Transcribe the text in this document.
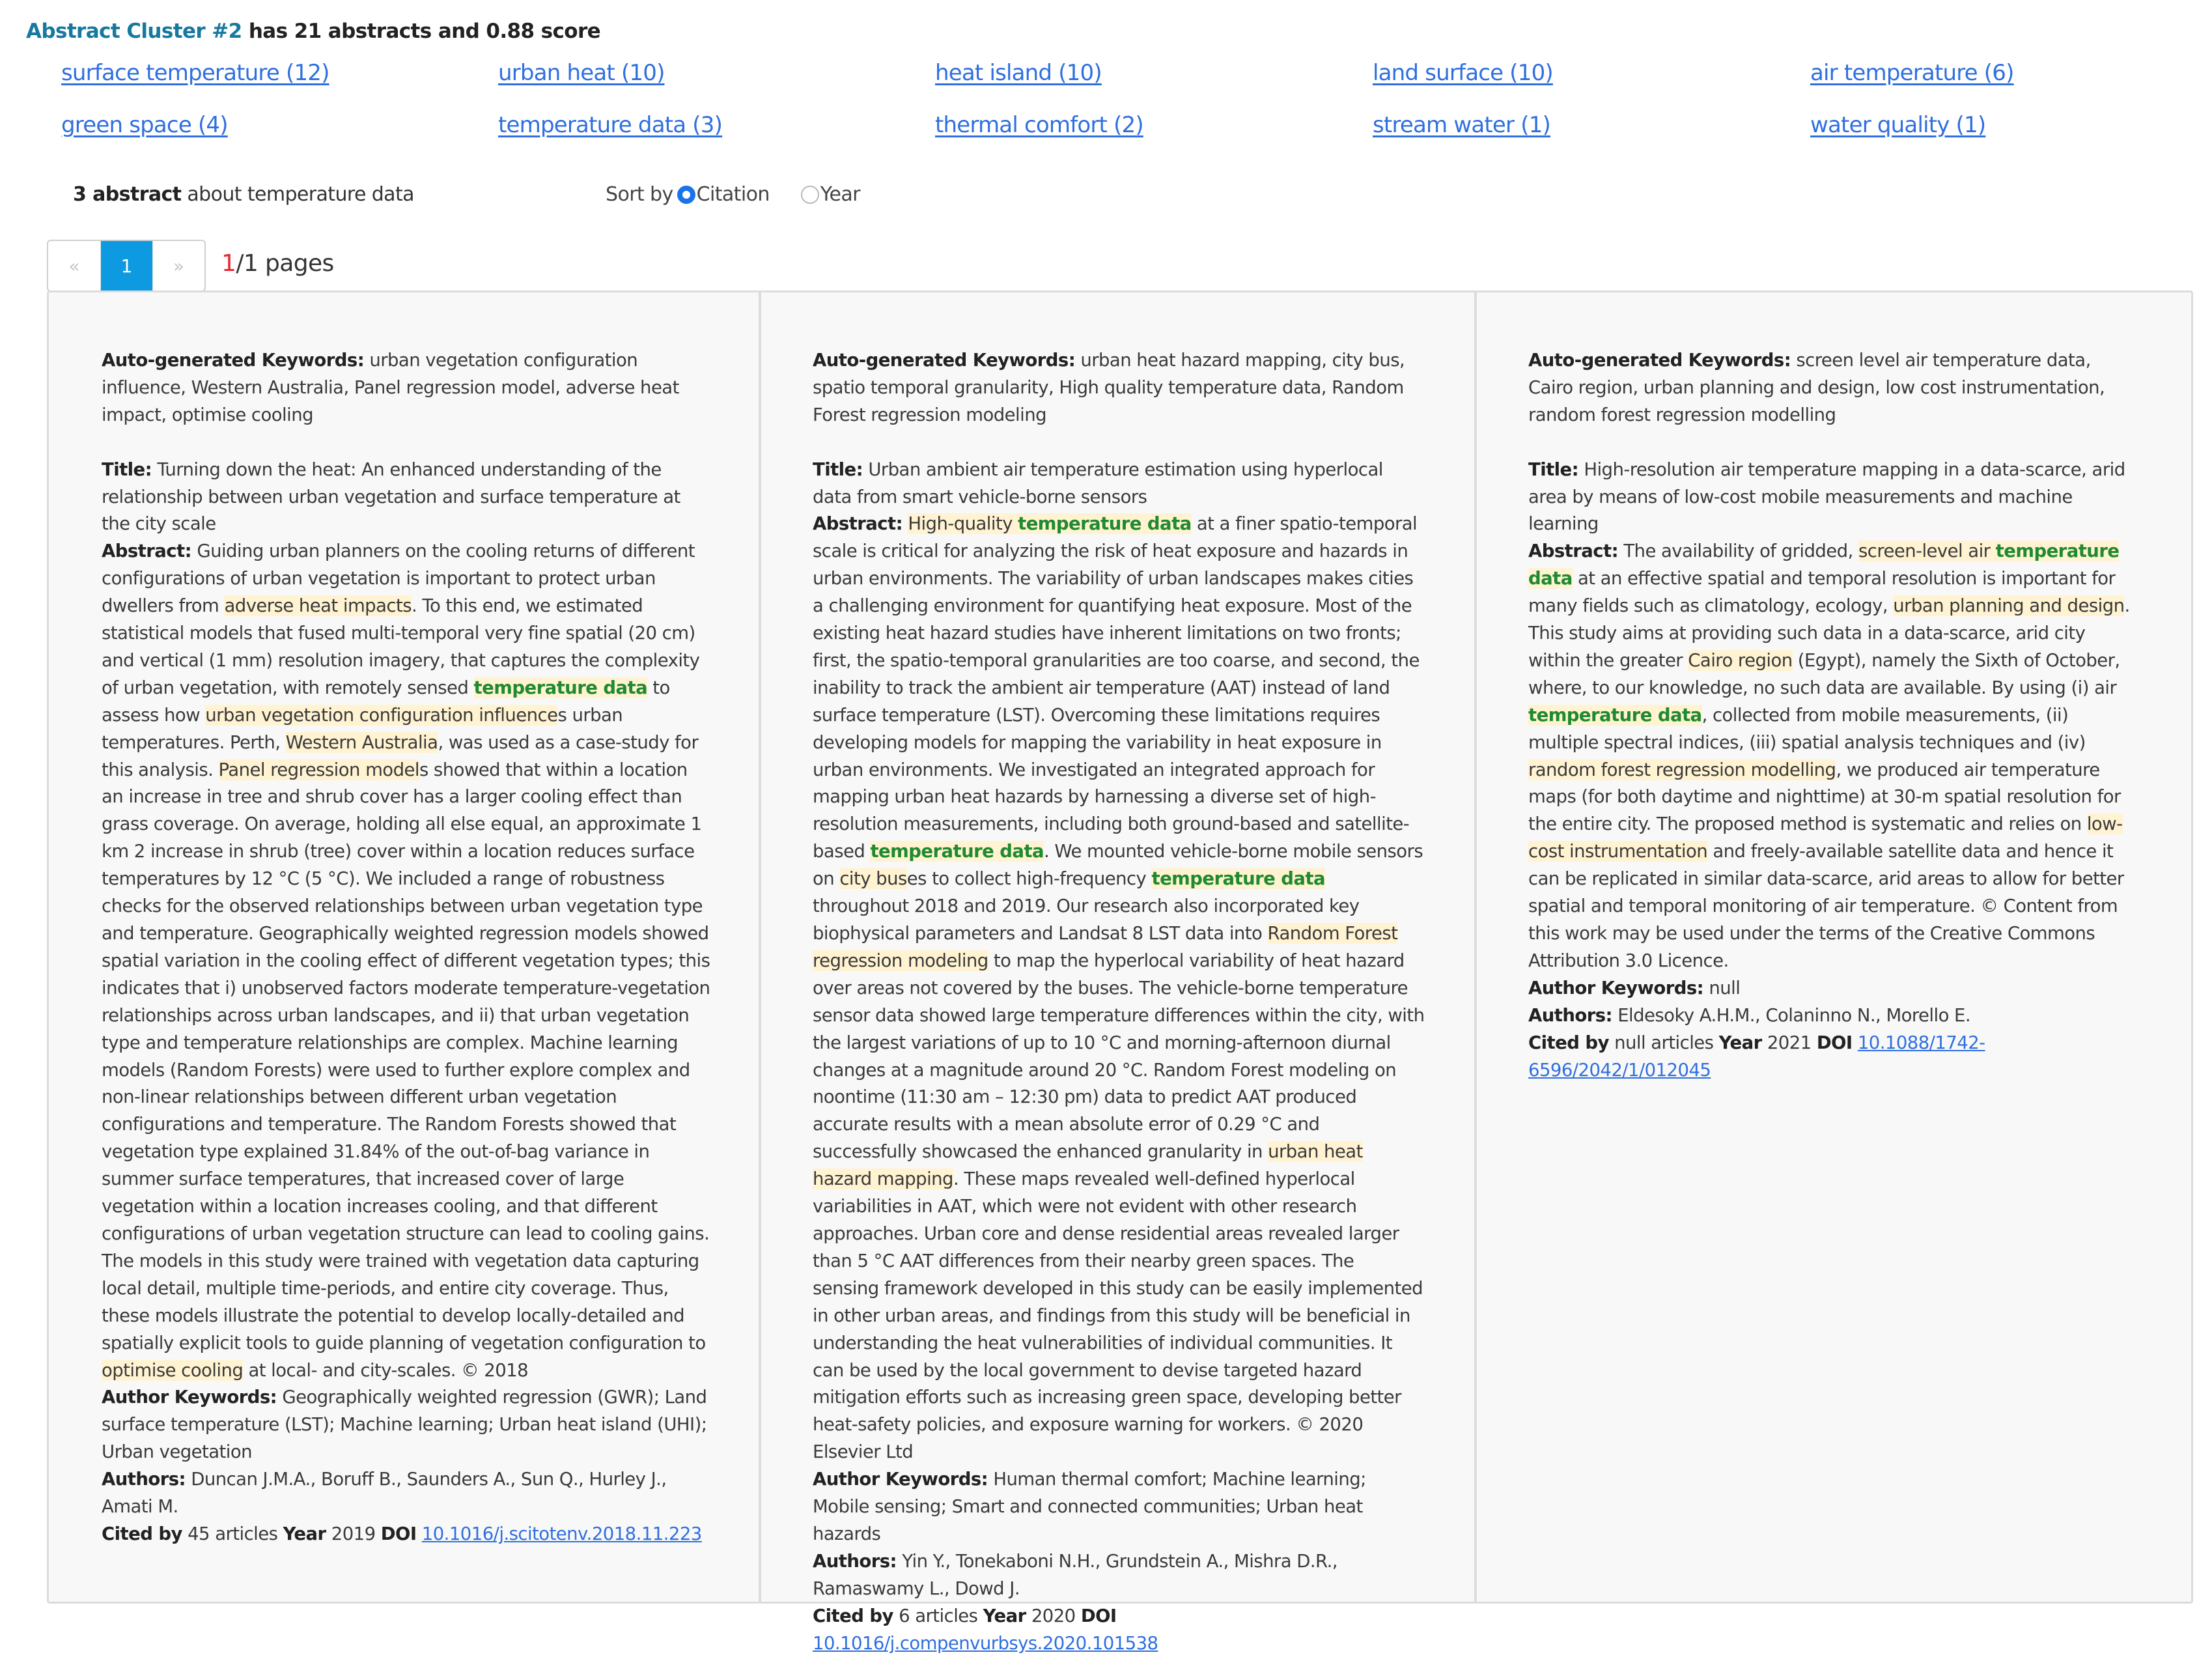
Abstract Cluster #2 has 21 abstracts and 0.88 score
surface temperature (12)	urban heat (10)	heat island (10)	land surface (10)	air temperature (6)
green space (4)	temperature data (3)	thermal comfort (2)	stream water (1)	water quality (1)
3 abstract about temperature data	Sort by Citation	Year
«	1	»	1/1 pages
Auto-generated Keywords: urban vegetation configuration influence, Western Australia, Panel regression model, adverse heat impact, optimise cooling
Title: Turning down the heat: An enhanced understanding of the relationship between urban vegetation and surface temperature at the city scale
Abstract: Guiding urban planners on the cooling returns of different configurations of urban vegetation is important to protect urban dwellers from adverse heat impacts. To this end, we estimated statistical models that fused multi-temporal very fine spatial (20 cm) and vertical (1 mm) resolution imagery, that captures the complexity of urban vegetation, with remotely sensed temperature data to assess how urban vegetation configuration influences urban temperatures. Perth, Western Australia, was used as a case-study for this analysis. Panel regression models showed that within a location an increase in tree and shrub cover has a larger cooling effect than grass coverage. On average, holding all else equal, an approximate 1 km 2 increase in shrub (tree) cover within a location reduces surface temperatures by 12 °C (5 °C). We included a range of robustness checks for the observed relationships between urban vegetation type and temperature. Geographically weighted regression models showed spatial variation in the cooling effect of different vegetation types; this indicates that i) unobserved factors moderate temperature-vegetation relationships across urban landscapes, and ii) that urban vegetation type and temperature relationships are complex. Machine learning models (Random Forests) were used to further explore complex and non-linear relationships between different urban vegetation configurations and temperature. The Random Forests showed that vegetation type explained 31.84% of the out-of-bag variance in summer surface temperatures, that increased cover of large vegetation within a location increases cooling, and that different configurations of urban vegetation structure can lead to cooling gains. The models in this study were trained with vegetation data capturing local detail, multiple time-periods, and entire city coverage. Thus, these models illustrate the potential to develop locally-detailed and spatially explicit tools to guide planning of vegetation configuration to optimise cooling at local- and city-scales. © 2018
Author Keywords: Geographically weighted regression (GWR); Land surface temperature (LST); Machine learning; Urban heat island (UHI); Urban vegetation
Authors: Duncan J.M.A., Boruff B., Saunders A., Sun Q., Hurley J., Amati M.
Cited by 45 articles Year 2019 DOI 10.1016/j.scitotenv.2018.11.223
Auto-generated Keywords: urban heat hazard mapping, city bus, spatio temporal granularity, High quality temperature data, Random Forest regression modeling
Title: Urban ambient air temperature estimation using hyperlocal data from smart vehicle-borne sensors
Abstract: High-quality temperature data at a finer spatio-temporal scale is critical for analyzing the risk of heat exposure and hazards in urban environments. The variability of urban landscapes makes cities a challenging environment for quantifying heat exposure. Most of the existing heat hazard studies have inherent limitations on two fronts; first, the spatio-temporal granularities are too coarse, and second, the inability to track the ambient air temperature (AAT) instead of land surface temperature (LST). Overcoming these limitations requires developing models for mapping the variability in heat exposure in urban environments. We investigated an integrated approach for mapping urban heat hazards by harnessing a diverse set of high-resolution measurements, including both ground-based and satellite-based temperature data. We mounted vehicle-borne mobile sensors on city buses to collect high-frequency temperature data throughout 2018 and 2019. Our research also incorporated key biophysical parameters and Landsat 8 LST data into Random Forest regression modeling to map the hyperlocal variability of heat hazard over areas not covered by the buses. The vehicle-borne temperature sensor data showed large temperature differences within the city, with the largest variations of up to 10 °C and morning-afternoon diurnal changes at a magnitude around 20 °C. Random Forest modeling on noontime (11:30 am – 12:30 pm) data to predict AAT produced accurate results with a mean absolute error of 0.29 °C and successfully showcased the enhanced granularity in urban heat hazard mapping. These maps revealed well-defined hyperlocal variabilities in AAT, which were not evident with other research approaches. Urban core and dense residential areas revealed larger than 5 °C AAT differences from their nearby green spaces. The sensing framework developed in this study can be easily implemented in other urban areas, and findings from this study will be beneficial in understanding the heat vulnerabilities of individual communities. It can be used by the local government to devise targeted hazard mitigation efforts such as increasing green space, developing better heat-safety policies, and exposure warning for workers. © 2020 Elsevier Ltd
Author Keywords: Human thermal comfort; Machine learning; Mobile sensing; Smart and connected communities; Urban heat hazards
Authors: Yin Y., Tonekaboni N.H., Grundstein A., Mishra D.R., Ramaswamy L., Dowd J.
Cited by 6 articles Year 2020 DOI 10.1016/j.compenvurbsys.2020.101538
Auto-generated Keywords: screen level air temperature data, Cairo region, urban planning and design, low cost instrumentation, random forest regression modelling
Title: High-resolution air temperature mapping in a data-scarce, arid area by means of low-cost mobile measurements and machine learning
Abstract: The availability of gridded, screen-level air temperature data at an effective spatial and temporal resolution is important for many fields such as climatology, ecology, urban planning and design. This study aims at providing such data in a data-scarce, arid city within the greater Cairo region (Egypt), namely the Sixth of October, where, to our knowledge, no such data are available. By using (i) air temperature data, collected from mobile measurements, (ii) multiple spectral indices, (iii) spatial analysis techniques and (iv) random forest regression modelling, we produced air temperature maps (for both daytime and nighttime) at 30-m spatial resolution for the entire city. The proposed method is systematic and relies on low-cost instrumentation and freely-available satellite data and hence it can be replicated in similar data-scarce, arid areas to allow for better spatial and temporal monitoring of air temperature. © Content from this work may be used under the terms of the Creative Commons Attribution 3.0 Licence.
Author Keywords: null
Authors: Eldesoky A.H.M., Colaninno N., Morello E.
Cited by null articles Year 2021 DOI 10.1088/1742-6596/2042/1/012045
